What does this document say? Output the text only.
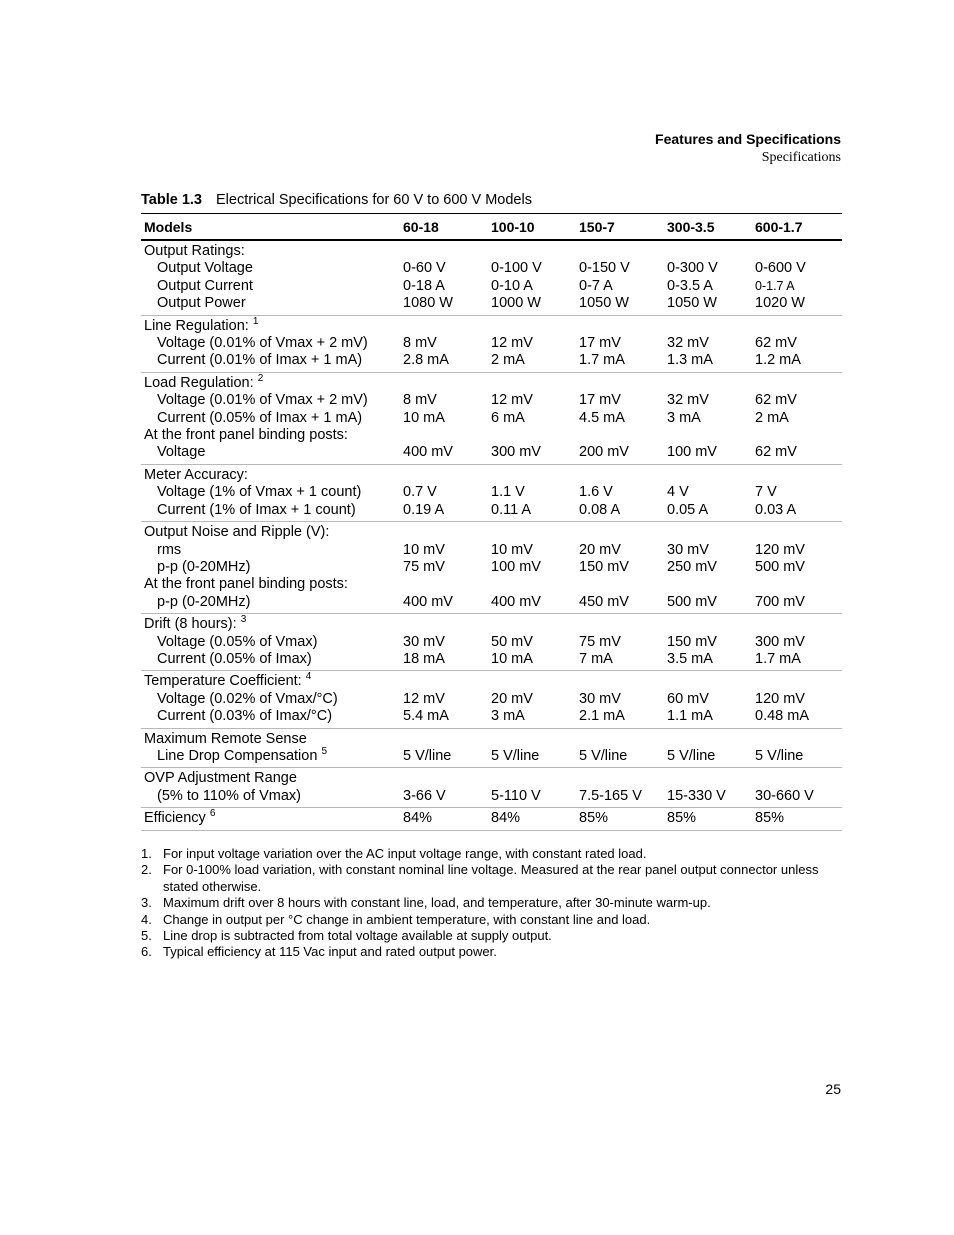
Features and Specifications
Specifications
Table 1.3 Electrical Specifications for 60 V to 600 V Models
Models	60-18	100-10	150-7	300-3.5	600-1.7
Output Ratings:
Output Voltage	0-60 V	0-100 V	0-150 V	0-300 V	0-600 V
Output Current	0-18 A	0-10 A	0-7 A	0-3.5 A	0-1.7 A
Output Power	1080 W	1000 W	1050 W	1050 W	1020 W
Line Regulation: $^1$
Voltage (0.01% of Vmax + 2 mV)	8 mV	12 mV	17 mV	32 mV	62 mV
Current (0.01% of Imax + 1 mA)	2.8 mA	2 mA	1.7 mA	1.3 mA	1.2 mA
Load Regulation: $^2$
Voltage (0.01% of Vmax + 2 mV)	8 mV	12 mV	17 mV	32 mV	62 mV
Current (0.05% of Imax + 1 mA)	10 mA	6 mA	4.5 mA	3 mA	2 mA
At the front panel binding posts:
Voltage	400 mV	300 mV	200 mV	100 mV	62 mV
Meter Accuracy:
Voltage (1% of Vmax + 1 count)	0.7 V	1.1 V	1.6 V	4 V	7 V
Current (1% of Imax + 1 count)	0.19 A	0.11 A	0.08 A	0.05 A	0.03 A
Output Noise and Ripple (V):
rms	10 mV	10 mV	20 mV	30 mV	120 mV
p-p (0-20MHz)	75 mV	100 mV	150 mV	250 mV	500 mV
At the front panel binding posts:
p-p (0-20MHz)	400 mV	400 mV	450 mV	500 mV	700 mV
Drift (8 hours): $^3$
Voltage (0.05% of Vmax)	30 mV	50 mV	75 mV	150 mV	300 mV
Current (0.05% of Imax)	18 mA	10 mA	7 mA	3.5 mA	1.7 mA
Temperature Coefficient: $^4$
Voltage (0.02% of Vmax/°C)	12 mV	20 mV	30 mV	60 mV	120 mV
Current (0.03% of Imax/°C)	5.4 mA	3 mA	2.1 mA	1.1 mA	0.48 mA
Maximum Remote Sense
Line Drop Compensation $^5$	5 V/line	5 V/line	5 V/line	5 V/line	5 V/line
OVP Adjustment Range
(5% to 110% of Vmax)	3-66 V	5-110 V	7.5-165 V	15-330 V	30-660 V
Efficiency $^6$	84%	84%	85%	85%	85%
1. For input voltage variation over the AC input voltage range, with constant rated load.
2. For 0-100% load variation, with constant nominal line voltage. Measured at the rear panel output connector unless stated otherwise.
3. Maximum drift over 8 hours with constant line, load, and temperature, after 30-minute warm-up.
4. Change in output per °C change in ambient temperature, with constant line and load.
5. Line drop is subtracted from total voltage available at supply output.
6. Typical efficiency at 115 Vac input and rated output power.
25
